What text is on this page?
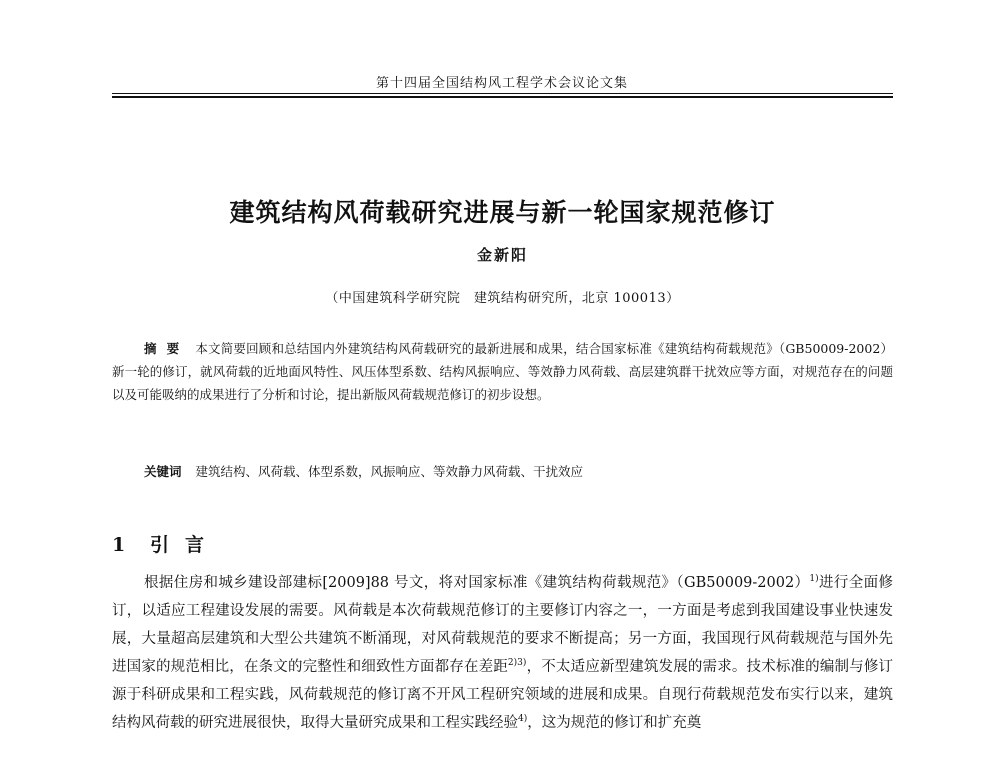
第十四届全国结构风工程学术会议论文集
建筑结构风荷载研究进展与新一轮国家规范修订
金新阳
（中国建筑科学研究院　建筑结构研究所，北京 100013）
摘要 本文简要回顾和总结国内外建筑结构风荷载研究的最新进展和成果，结合国家标准《建筑结构荷载规范》（GB50009-2002）新一轮的修订，就风荷载的近地面风特性、风压体型系数、结构风振响应、等效静力风荷载、高层建筑群干扰效应等方面，对规范存在的问题以及可能吸纳的成果进行了分析和讨论，提出新版风荷载规范修订的初步设想。
关键词 建筑结构、风荷载、体型系数，风振响应、等效静力风荷载、干扰效应
1 引言
根据住房和城乡建设部建标[2009]88 号文，将对国家标准《建筑结构荷载规范》$(GB50009-2002)^{1)}$进行全面修订，以适应工程建设发展的需要。风荷载是本次荷载规范修订的主要修订内容之一，一方面是考虑到我国建设事业快速发展，大量超高层建筑和大型公共建筑不断涌现，对风荷载规范的要求不断提高；另一方面，我国现行风荷载规范与国外先进国家的规范相比，在条文的完整性和细致性方面都存在差距$^{2)3)}$，不太适应新型建筑发展的需求。技术标准的编制与修订源于科研成果和工程实践，风荷载规范的修订离不开风工程研究领域的进展和成果。自现行荷载规范发布实行以来，建筑结构风荷载的研究进展很快，取得大量研究成果和工程实践经验$^{4)}$，这为规范的修订和扩充奠
